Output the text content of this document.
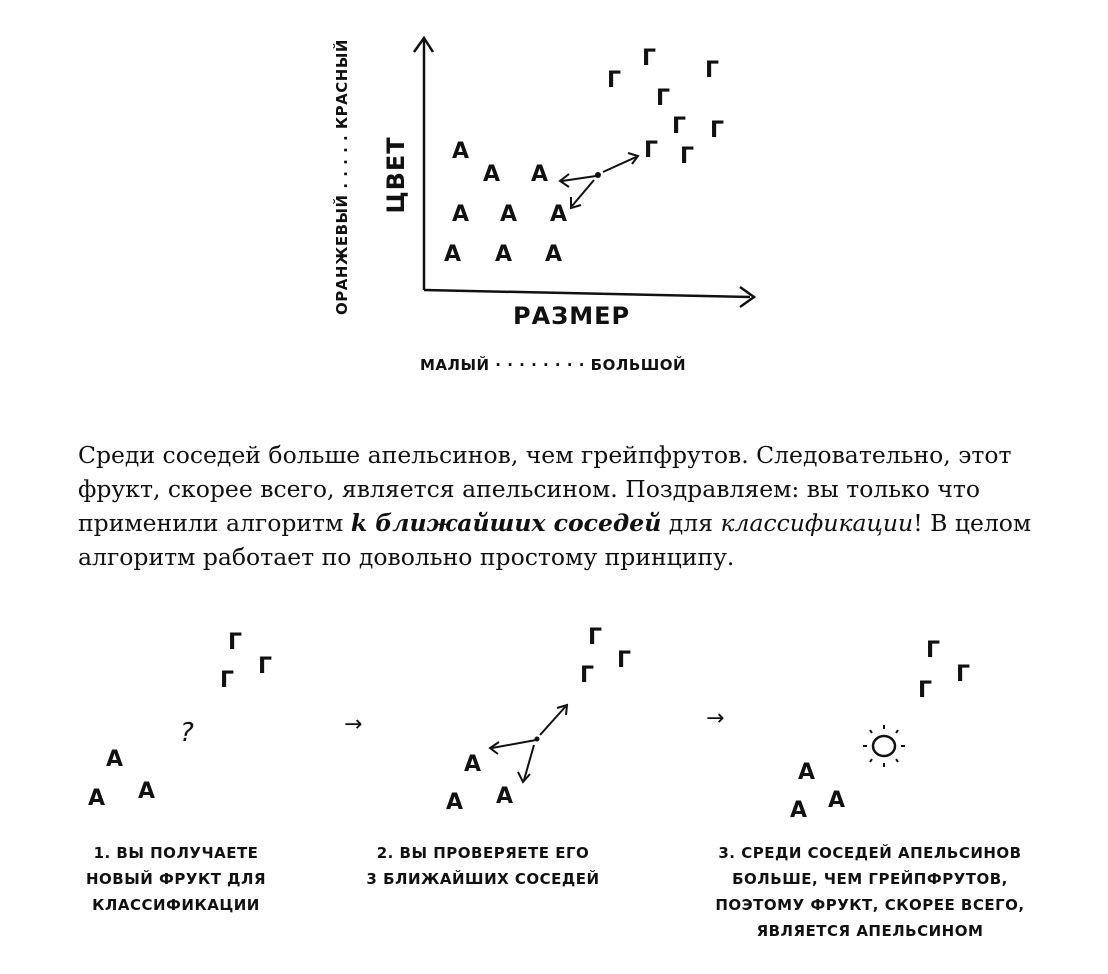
ЦВЕТ
ОРАНЖЕВЫЙ . . . . . КРАСНЫЙ
РАЗМЕР
МАЛЫЙ · · · · · · · · БОЛЬШОЙ
А
А А
А А А
А А А
Г
Г Г
Г
Г Г
Г Г
Среди соседей больше апельсинов, чем грейпфрутов. Следовательно, этот фрукт, скорее всего, является апельсином. Поздравляем: вы только что применили алгоритм k ближайших соседей для классификации! В целом алгоритм работает по довольно простому принципу.
Г
Г
Г
?
А
А
А
1. ВЫ ПОЛУЧАЕТЕ
НОВЫЙ ФРУКТ ДЛЯ
КЛАССИФИКАЦИИ
→
Г
Г
Г
А
А
А
2. ВЫ ПРОВЕРЯЕТЕ ЕГО
3 БЛИЖАЙШИХ СОСЕДЕЙ
→
Г
Г
Г
А
А
А
3. СРЕДИ СОСЕДЕЙ АПЕЛЬСИНОВ
БОЛЬШЕ, ЧЕМ ГРЕЙПФРУТОВ,
ПОЭТОМУ ФРУКТ, СКОРЕЕ ВСЕГО,
ЯВЛЯЕТСЯ АПЕЛЬСИНОМ
